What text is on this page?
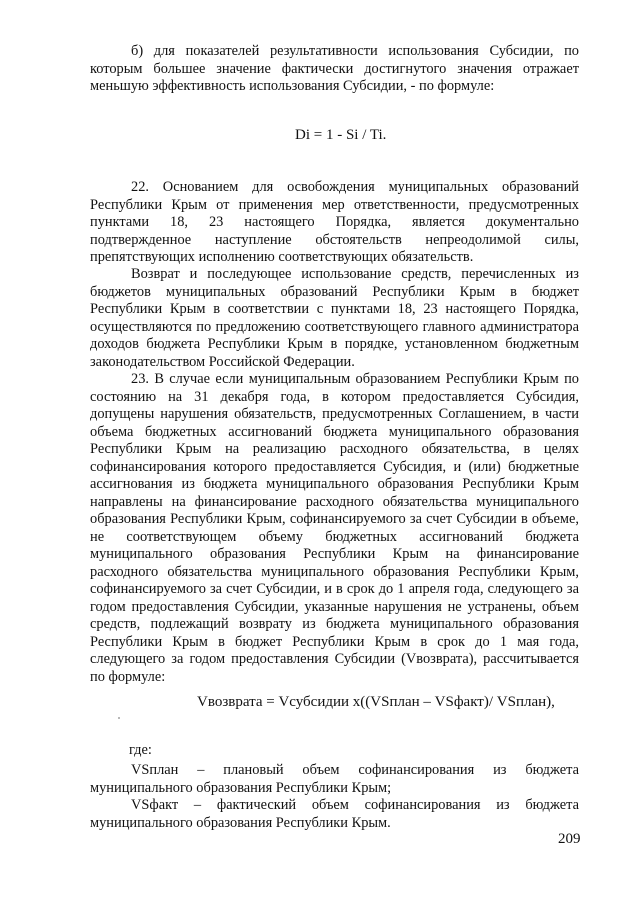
б) для показателей результативности использования Субсидии, по которым большее значение фактически достигнутого значения отражает меньшую эффективность использования Субсидии, - по формуле:

Di = 1 - Si / Ti.

22. Основанием для освобождения муниципальных образований Республики Крым от применения мер ответственности, предусмотренных пунктами 18, 23 настоящего Порядка, является документально подтвержденное наступление обстоятельств непреодолимой силы, препятствующих исполнению соответствующих обязательств.

Возврат и последующее использование средств, перечисленных из бюджетов муниципальных образований Республики Крым в бюджет Республики Крым в соответствии с пунктами 18, 23 настоящего Порядка, осуществляются по предложению соответствующего главного администратора доходов бюджета Республики Крым в порядке, установленном бюджетным законодательством Российской Федерации.

23. В случае если муниципальным образованием Республики Крым по состоянию на 31 декабря года, в котором предоставляется Субсидия, допущены нарушения обязательств, предусмотренных Соглашением, в части объема бюджетных ассигнований бюджета муниципального образования Республики Крым на реализацию расходного обязательства, в целях софинансирования которого предоставляется Субсидия, и (или) бюджетные ассигнования из бюджета муниципального образования Республики Крым направлены на финансирование расходного обязательства муниципального образования Республики Крым, софинансируемого за счет Субсидии в объеме, не соответствующем объему бюджетных ассигнований бюджета муниципального образования Республики Крым на финансирование расходного обязательства муниципального образования Республики Крым, софинансируемого за счет Субсидии, и в срок до 1 апреля года, следующего за годом предоставления Субсидии, указанные нарушения не устранены, объем средств, подлежащий возврату из бюджета муниципального образования Республики Крым в бюджет Республики Крым в срок до 1 мая года, следующего за годом предоставления Субсидии (Vвозврата), рассчитывается по формуле:

Vвозврата = Vсубсидии х((VSплан – VSфакт)/ VSплан),

где:

VSплан – плановый объем софинансирования из бюджета муниципального образования Республики Крым;

VSфакт – фактический объем софинансирования из бюджета муниципального образования Республики Крым.

209
